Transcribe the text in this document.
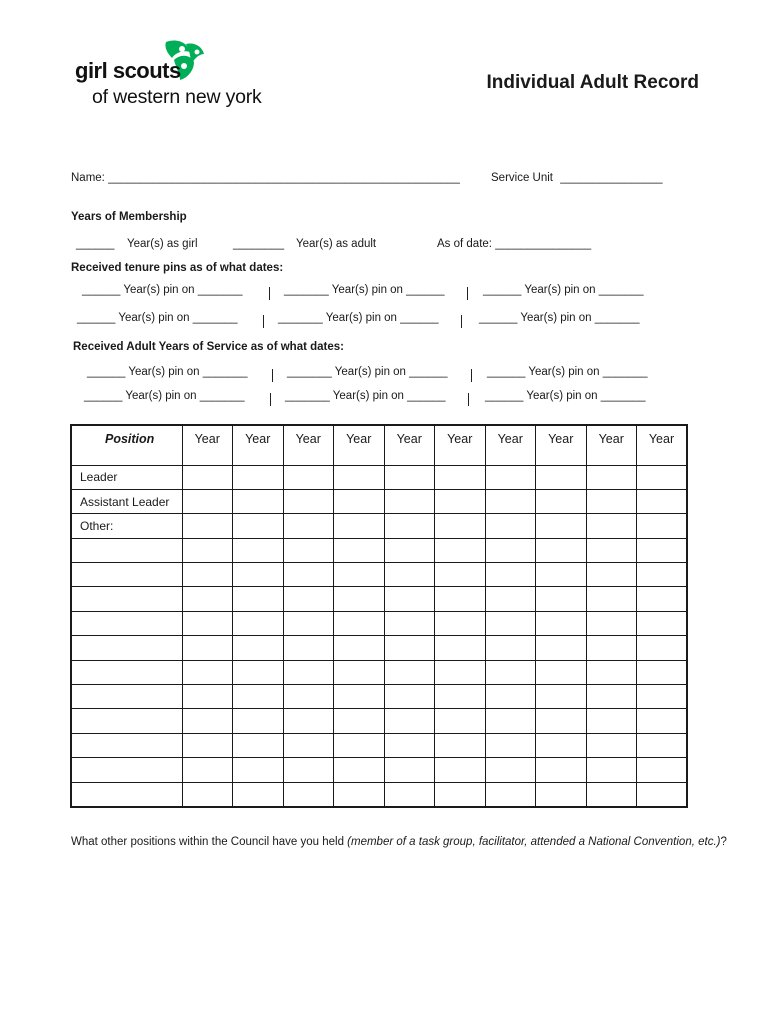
girl scouts
of western new york
Individual Adult Record
Name: _______________________________________________________	Service Unit ________________
Years of Membership
______ Year(s) as girl	________ Year(s) as adult	As of date: _______________
Received tenure pins as of what dates:
______ Year(s) pin on _______	_______ Year(s) pin on ______	______ Year(s) pin on _______
______ Year(s) pin on _______	_______ Year(s) pin on ______	______ Year(s) pin on _______
Received Adult Years of Service as of what dates:
______ Year(s) pin on _______	_______ Year(s) pin on ______	______ Year(s) pin on _______
______ Year(s) pin on _______	_______ Year(s) pin on ______	______ Year(s) pin on _______
Position	Year	Year	Year	Year	Year	Year	Year	Year	Year	Year
Leader										
Assistant Leader										
Other:										

What other positions within the Council have you held (member of a task group, facilitator, attended a National Convention, etc.)?
